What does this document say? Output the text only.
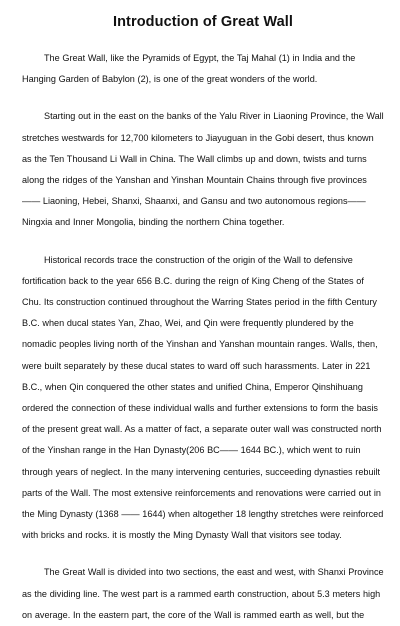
Introduction of Great Wall

The Great Wall, like the Pyramids of Egypt, the Taj Mahal (1) in India and the Hanging Garden of Babylon (2), is one of the great wonders of the world.

Starting out in the east on the banks of the Yalu River in Liaoning Province, the Wall stretches westwards for 12,700 kilometers to Jiayuguan in the Gobi desert, thus known as the Ten Thousand Li Wall in China. The Wall climbs up and down, twists and turns along the ridges of the Yanshan and Yinshan Mountain Chains through five provinces—— Liaoning, Hebei, Shanxi, Shaanxi, and Gansu and two autonomous regions—— Ningxia and Inner Mongolia, binding the northern China together.

Historical records trace the construction of the origin of the Wall to defensive fortification back to the year 656 B.C. during the reign of King Cheng of the States of Chu. Its construction continued throughout the Warring States period in the fifth Century B.C. when ducal states Yan, Zhao, Wei, and Qin were frequently plundered by the nomadic peoples living north of the Yinshan and Yanshan mountain ranges. Walls, then, were built separately by these ducal states to ward off such harassments. Later in 221 B.C., when Qin conquered the other states and unified China, Emperor Qinshihuang ordered the connection of these individual walls and further extensions to form the basis of the present great wall. As a matter of fact, a separate outer wall was constructed north of the Yinshan range in the Han Dynasty(206 BC—— 1644 BC.), which went to ruin through years of neglect. In the many intervening centuries, succeeding dynasties rebuilt parts of the Wall. The most extensive reinforcements and renovations were carried out in the Ming Dynasty (1368 —— 1644) when altogether 18 lengthy stretches were reinforced with bricks and rocks. it is mostly the Ming Dynasty Wall that visitors see today.

The Great Wall is divided into two sections, the east and west, with Shanxi Province as the dividing line. The west part is a rammed earth construction, about 5.3 meters high on average. In the eastern part, the core of the Wall is rammed earth as well, but the
